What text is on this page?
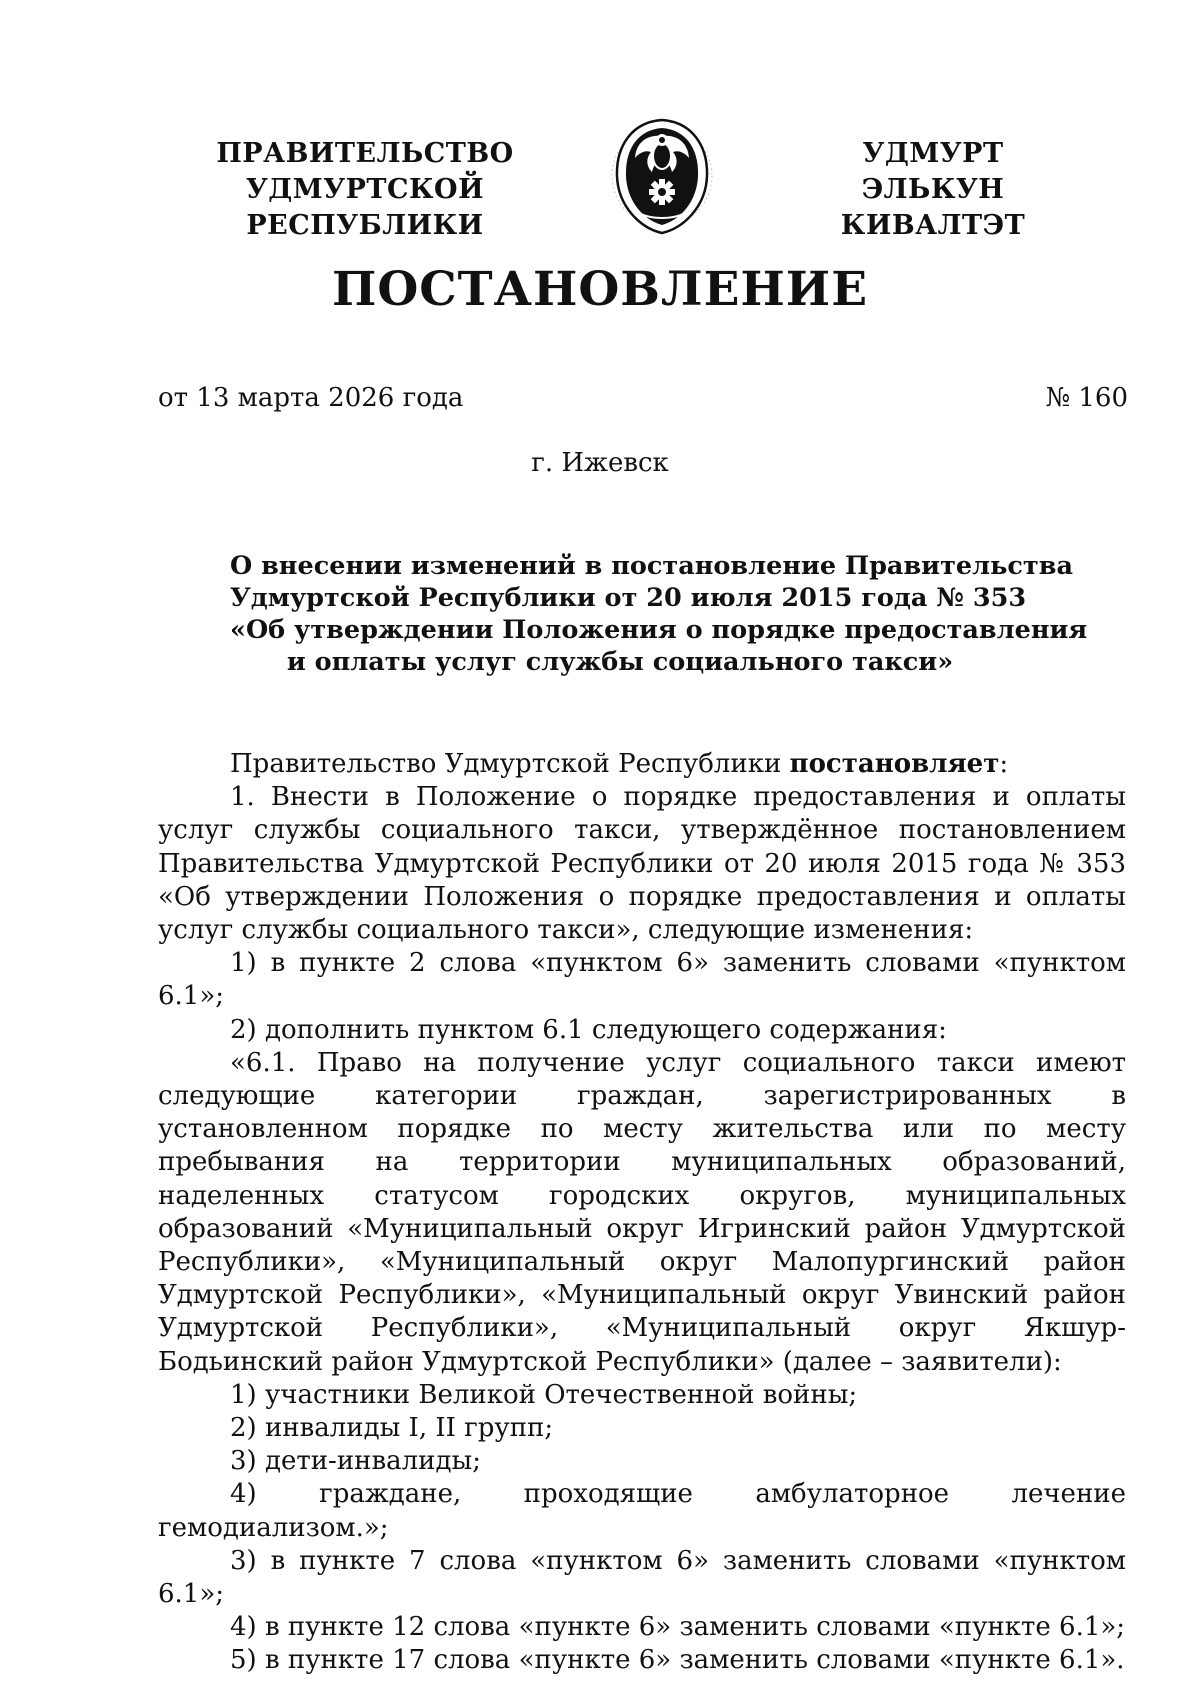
ПРАВИТЕЛЬСТВО
УДМУРТСКОЙ РЕСПУБЛИКИ
УДМУРТ ЭЛЬКУН
КИВАЛТЭТ
ПОСТАНОВЛЕНИЕ
от 13 марта 2026 года	№ 160
г. Ижевск
О внесении изменений в постановление Правительства
Удмуртской Республики от 20 июля 2015 года № 353
«Об утверждении Положения о порядке предоставления
и оплаты услуг службы социального такси»

Правительство Удмуртской Республики постановляет:

1. Внести в Положение о порядке предоставления и оплаты услуг службы социального такси, утверждённое постановлением Правительства Удмуртской Республики от 20 июля 2015 года № 353 «Об утверждении Положения о порядке предоставления и оплаты услуг службы социального такси», следующие изменения:

1) в пункте 2 слова «пунктом 6» заменить словами «пунктом 6.1»;

2) дополнить пунктом 6.1 следующего содержания:

«6.1. Право на получение услуг социального такси имеют следующие категории граждан, зарегистрированных в установленном порядке по месту жительства или по месту пребывания на территории муниципальных образований, наделенных статусом городских округов, муниципальных образований «Муниципальный округ Игринский район Удмуртской Республики», «Муниципальный округ Малопургинский район Удмуртской Республики», «Муниципальный округ Увинский район Удмуртской Республики», «Муниципальный округ Якшур-Бодьинский район Удмуртской Республики» (далее – заявители):

1) участники Великой Отечественной войны;

2) инвалиды I, II групп;

3) дети-инвалиды;

4) граждане, проходящие амбулаторное лечение гемодиализом.»;

3) в пункте 7 слова «пунктом 6» заменить словами «пунктом 6.1»;

4) в пункте 12 слова «пункте 6» заменить словами «пункте 6.1»;

5) в пункте 17 слова «пункте 6» заменить словами «пункте 6.1».
